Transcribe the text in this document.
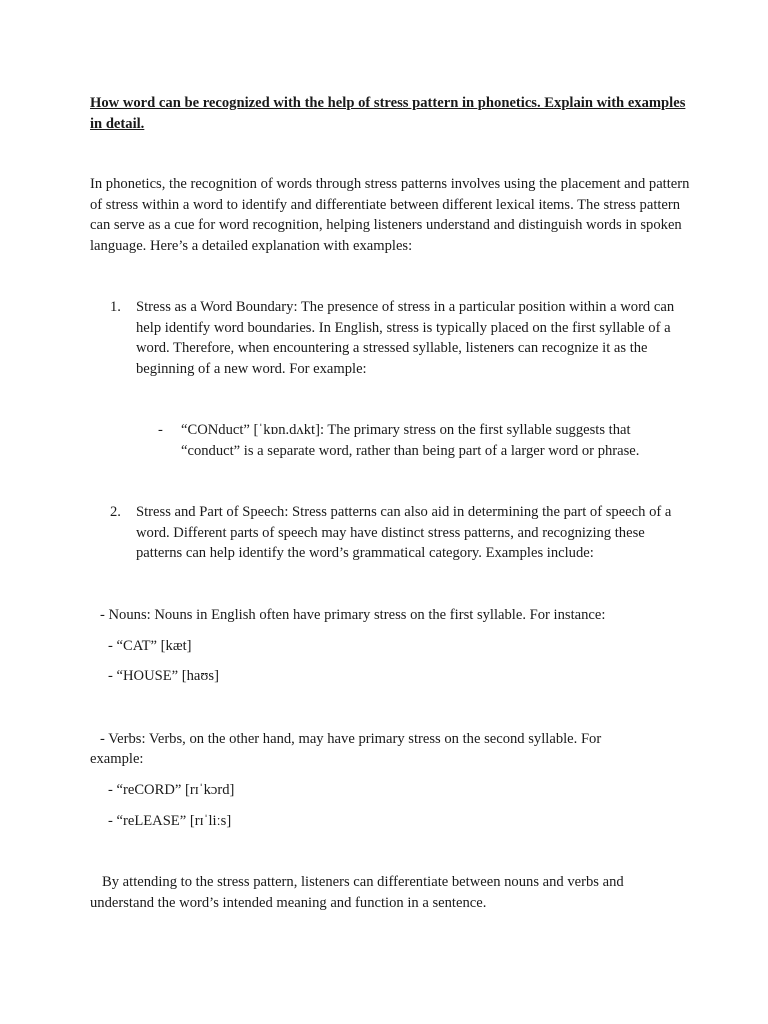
How word can be recognized with the help of stress pattern in phonetics. Explain with examples in detail.

In phonetics, the recognition of words through stress patterns involves using the placement and pattern of stress within a word to identify and differentiate between different lexical items. The stress pattern can serve as a cue for word recognition, helping listeners understand and distinguish words in spoken language. Here’s a detailed explanation with examples:

1.	Stress as a Word Boundary: The presence of stress in a particular position within a word can help identify word boundaries. In English, stress is typically placed on the first syllable of a word. Therefore, when encountering a stressed syllable, listeners can recognize it as the beginning of a new word. For example:

-	“CONduct” [ˈkɒn.dʌkt]: The primary stress on the first syllable suggests that “conduct” is a separate word, rather than being part of a larger word or phrase.

2.	Stress and Part of Speech: Stress patterns can also aid in determining the part of speech of a word. Different parts of speech may have distinct stress patterns, and recognizing these patterns can help identify the word’s grammatical category. Examples include:

- Nouns: Nouns in English often have primary stress on the first syllable. For instance:
- “CAT” [kæt]
- “HOUSE” [haʊs]
- Verbs: Verbs, on the other hand, may have primary stress on the second syllable. For
example:
- “reCORD” [rɪˈkɔrd]
- “reLEASE” [rɪˈliːs]

By attending to the stress pattern, listeners can differentiate between nouns and verbs and understand the word’s intended meaning and function in a sentence.
